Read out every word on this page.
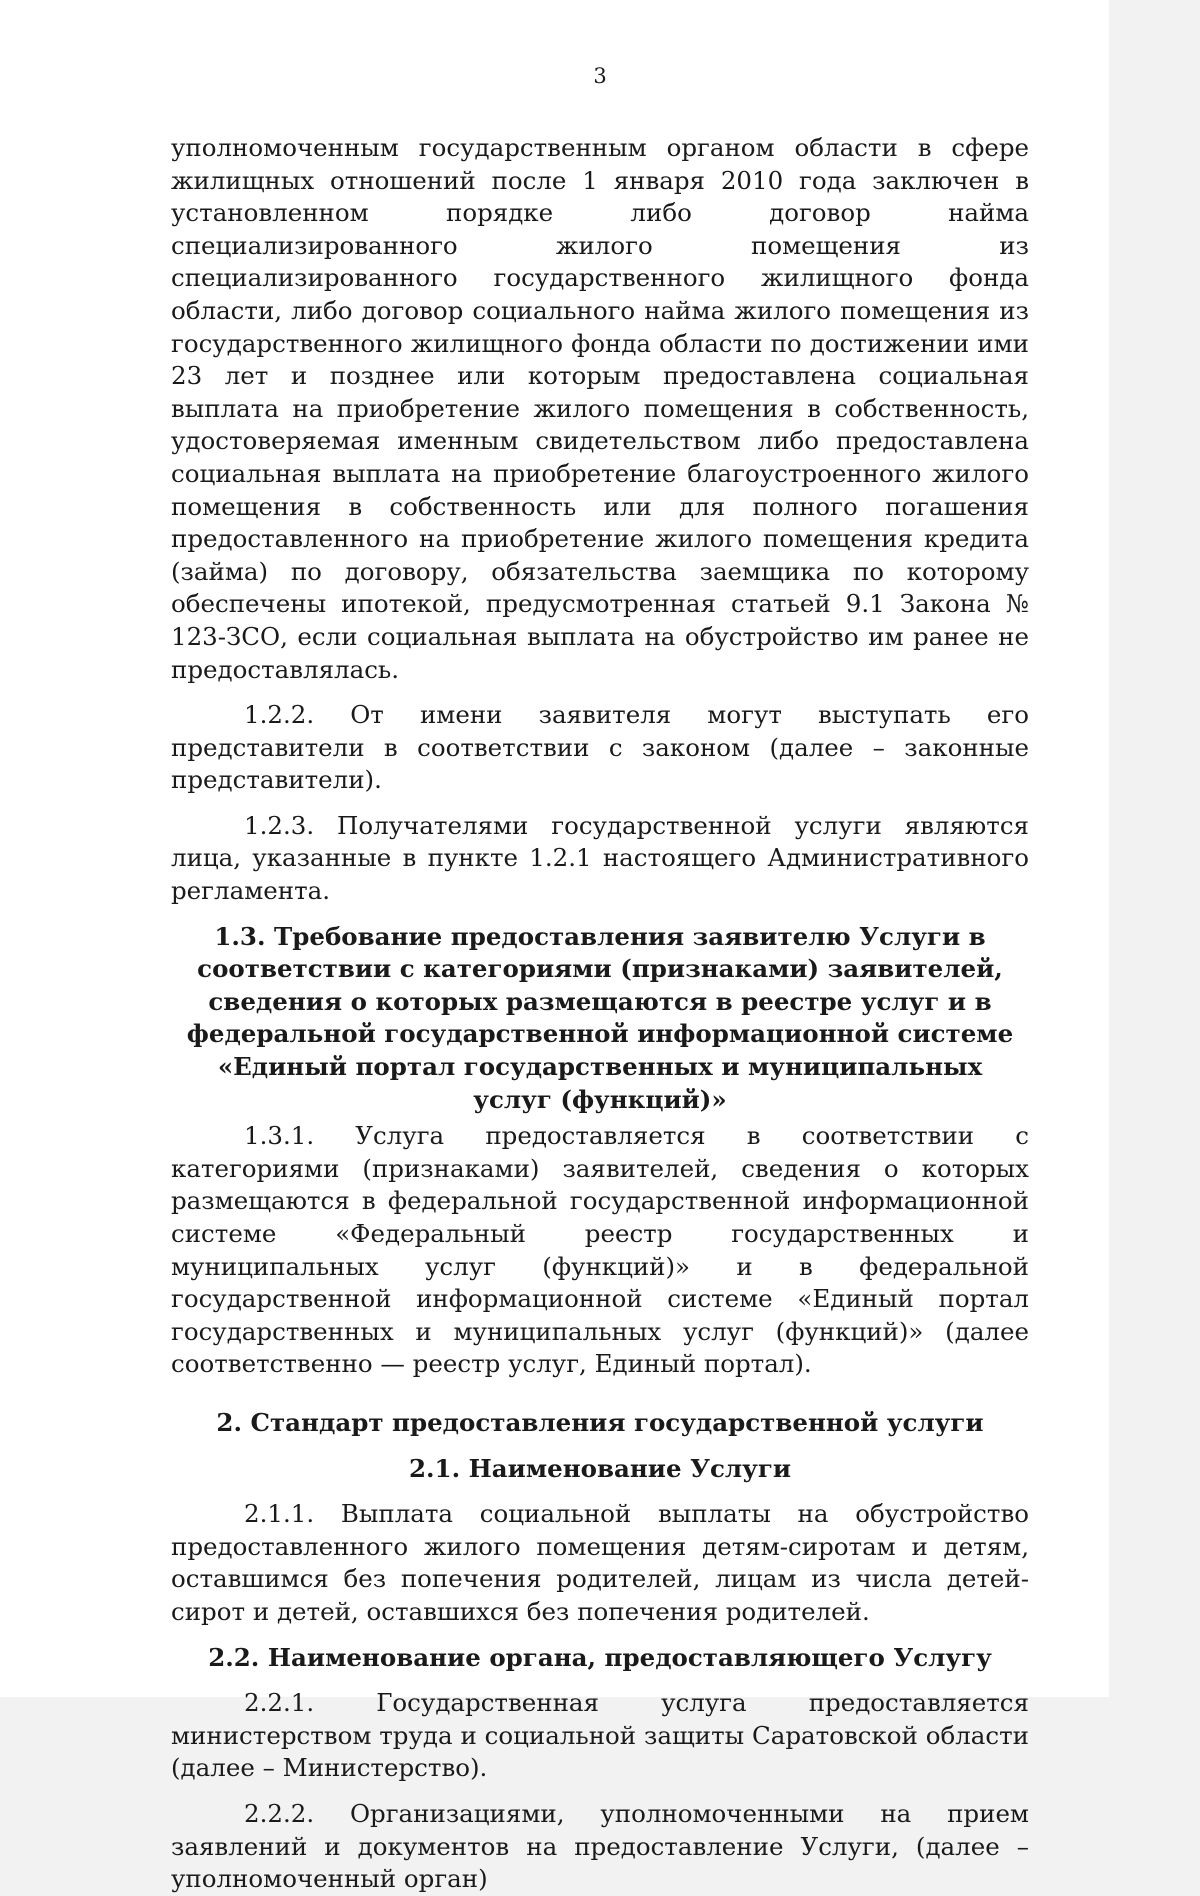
3

уполномоченным государственным органом области в сфере жилищных отношений после 1 января 2010 года заключен в установленном порядке либо договор найма специализированного жилого помещения из специализированного государственного жилищного фонда области, либо договор социального найма жилого помещения из государственного жилищного фонда области по достижении ими 23 лет и позднее или которым предоставлена социальная выплата на приобретение жилого помещения в собственность, удостоверяемая именным свидетельством либо предоставлена социальная выплата на приобретение благоустроенного жилого помещения в собственность или для полного погашения предоставленного на приобретение жилого помещения кредита (займа) по договору, обязательства заемщика по которому обеспечены ипотекой, предусмотренная статьей 9.1 Закона № 123-ЗСО, если социальная выплата на обустройство им ранее не предоставлялась.

1.2.2. От имени заявителя могут выступать его представители в соответствии с законом (далее – законные представители).

1.2.3. Получателями государственной услуги являются лица, указанные в пункте 1.2.1 настоящего Административного регламента.

1.3. Требование предоставления заявителю Услуги в соответствии с категориями (признаками) заявителей, сведения о которых размещаются в реестре услуг и в федеральной государственной информационной системе «Единый портал государственных и муниципальных услуг (функций)»

1.3.1. Услуга предоставляется в соответствии с категориями (признаками) заявителей, сведения о которых размещаются в федеральной государственной информационной системе «Федеральный реестр государственных и муниципальных услуг (функций)» и в федеральной государственной информационной системе «Единый портал государственных и муниципальных услуг (функций)» (далее соответственно — реестр услуг, Единый портал).

2. Стандарт предоставления государственной услуги
2.1. Наименование Услуги

2.1.1. Выплата социальной выплаты на обустройство предоставленного жилого помещения детям-сиротам и детям, оставшимся без попечения родителей, лицам из числа детей-сирот и детей, оставшихся без попечения родителей.

2.2. Наименование органа, предоставляющего Услугу

2.2.1. Государственная услуга предоставляется министерством труда и социальной защиты Саратовской области (далее – Министерство).

2.2.2. Организациями, уполномоченными на прием заявлений и документов на предоставление Услуги, (далее – уполномоченный орган)
